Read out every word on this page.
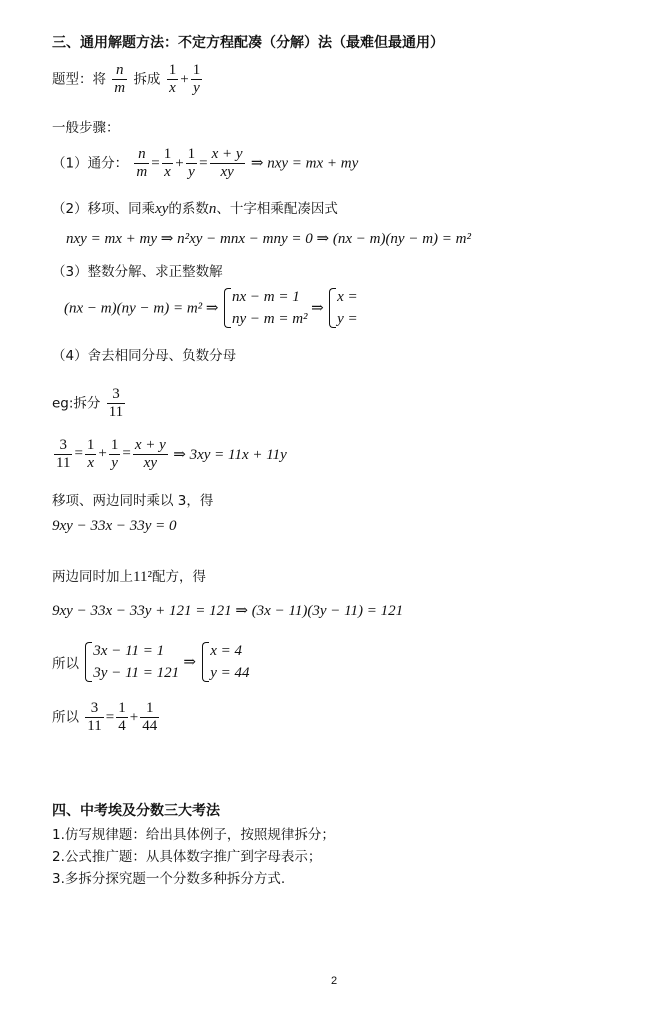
三、通用解题方法：不定方程配凑（分解）法（最难但最通用）
题型：将 $\frac{n}{m}$ 拆成 $\frac{1}{x} + \frac{1}{y}$
一般步骤：
（1）通分： $\frac{n}{m} = \frac{1}{x} + \frac{1}{y} = \frac{x + y}{xy}$ ⇒ nxy = mx + my
（2）移项、同乘xy的系数n、十字相乘配凑因式
nxy = mx + my ⇒ n²xy − mnx − mny = 0 ⇒ (nx − m)(ny − m) = m²
（3）整数分解、求正整数解
(nx − m)(ny − m) = m² ⇒
nx − m = 1
ny − m = m²
⇒
x =
y =
（4）舍去相同分母、负数分母
eg:拆分 $\frac{3}{11}$
$\frac{3}{11} = \frac{1}{x} + \frac{1}{y} = \frac{x + y}{xy}$ ⇒ 3xy = 11x + 11y
移项、两边同时乘以 3，得
9xy − 33x − 33y = 0
两边同时加上11²配方，得
9xy − 33x − 33y + 121 = 121 ⇒ (3x − 11)(3y − 11) = 121
所以
3x − 11 = 1
3y − 11 = 121
⇒
x = 4
y = 44
所以 $\frac{3}{11} = \frac{1}{4} + \frac{1}{44}$
四、中考埃及分数三大考法
1.仿写规律题：给出具体例子，按照规律拆分；
2.公式推广题：从具体数字推广到字母表示；
3.多拆分探究题一个分数多种拆分方式.
2
